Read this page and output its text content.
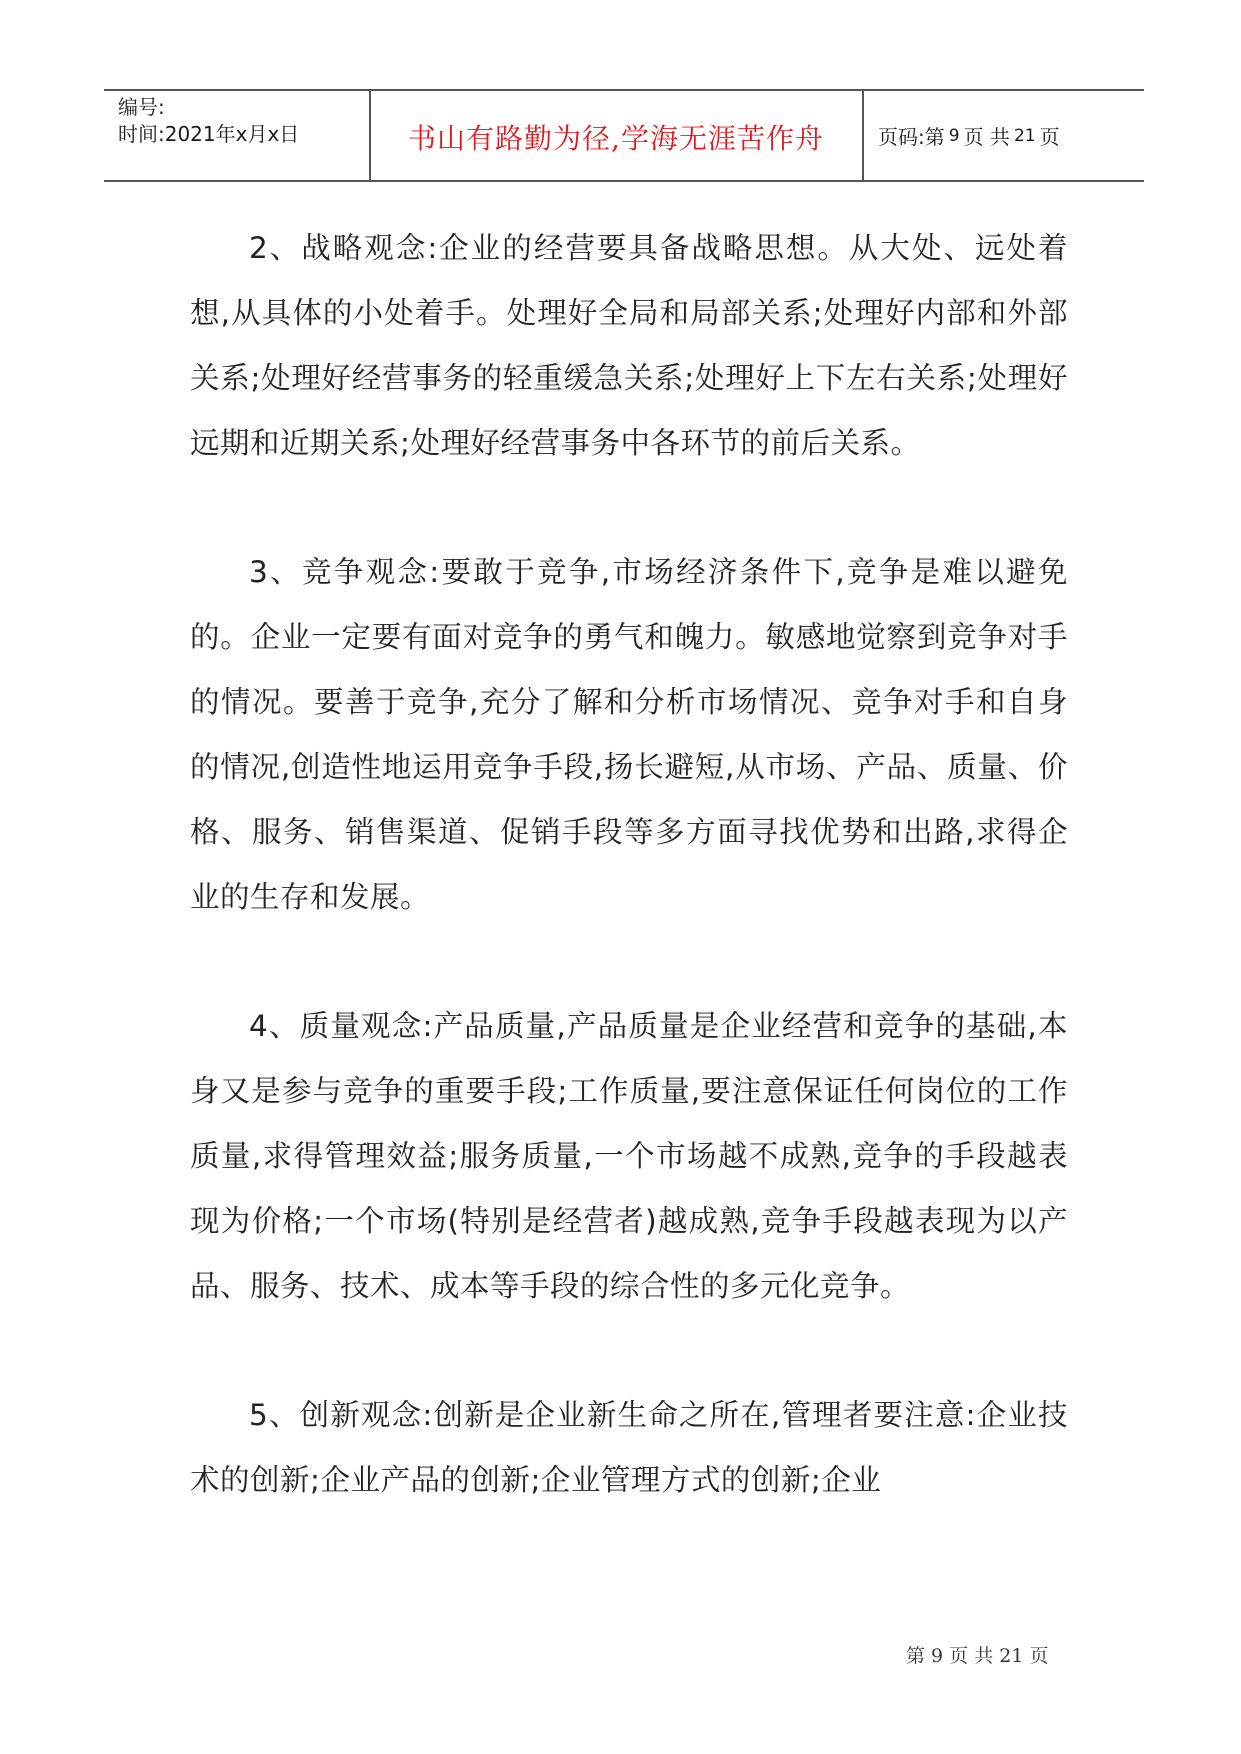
编号:
时间:2021年x月x日	书山有路勤为径,学海无涯苦作舟	页码:第 9 页 共 21 页

2、战略观念:企业的经营要具备战略思想。从大处、远处着想,从具体的小处着手。处理好全局和局部关系;处理好内部和外部关系;处理好经营事务的轻重缓急关系;处理好上下左右关系;处理好远期和近期关系;处理好经营事务中各环节的前后关系。

3、竞争观念:要敢于竞争,市场经济条件下,竞争是难以避免的。企业一定要有面对竞争的勇气和魄力。敏感地觉察到竞争对手的情况。要善于竞争,充分了解和分析市场情况、竞争对手和自身的情况,创造性地运用竞争手段,扬长避短,从市场、产品、质量、价格、服务、销售渠道、促销手段等多方面寻找优势和出路,求得企业的生存和发展。

4、质量观念:产品质量,产品质量是企业经营和竞争的基础,本身又是参与竞争的重要手段;工作质量,要注意保证任何岗位的工作质量,求得管理效益;服务质量,一个市场越不成熟,竞争的手段越表现为价格;一个市场(特别是经营者)越成熟,竞争手段越表现为以产品、服务、技术、成本等手段的综合性的多元化竞争。

5、创新观念:创新是企业新生命之所在,管理者要注意:企业技术的创新;企业产品的创新;企业管理方式的创新;企业

第 9 页 共 21 页
